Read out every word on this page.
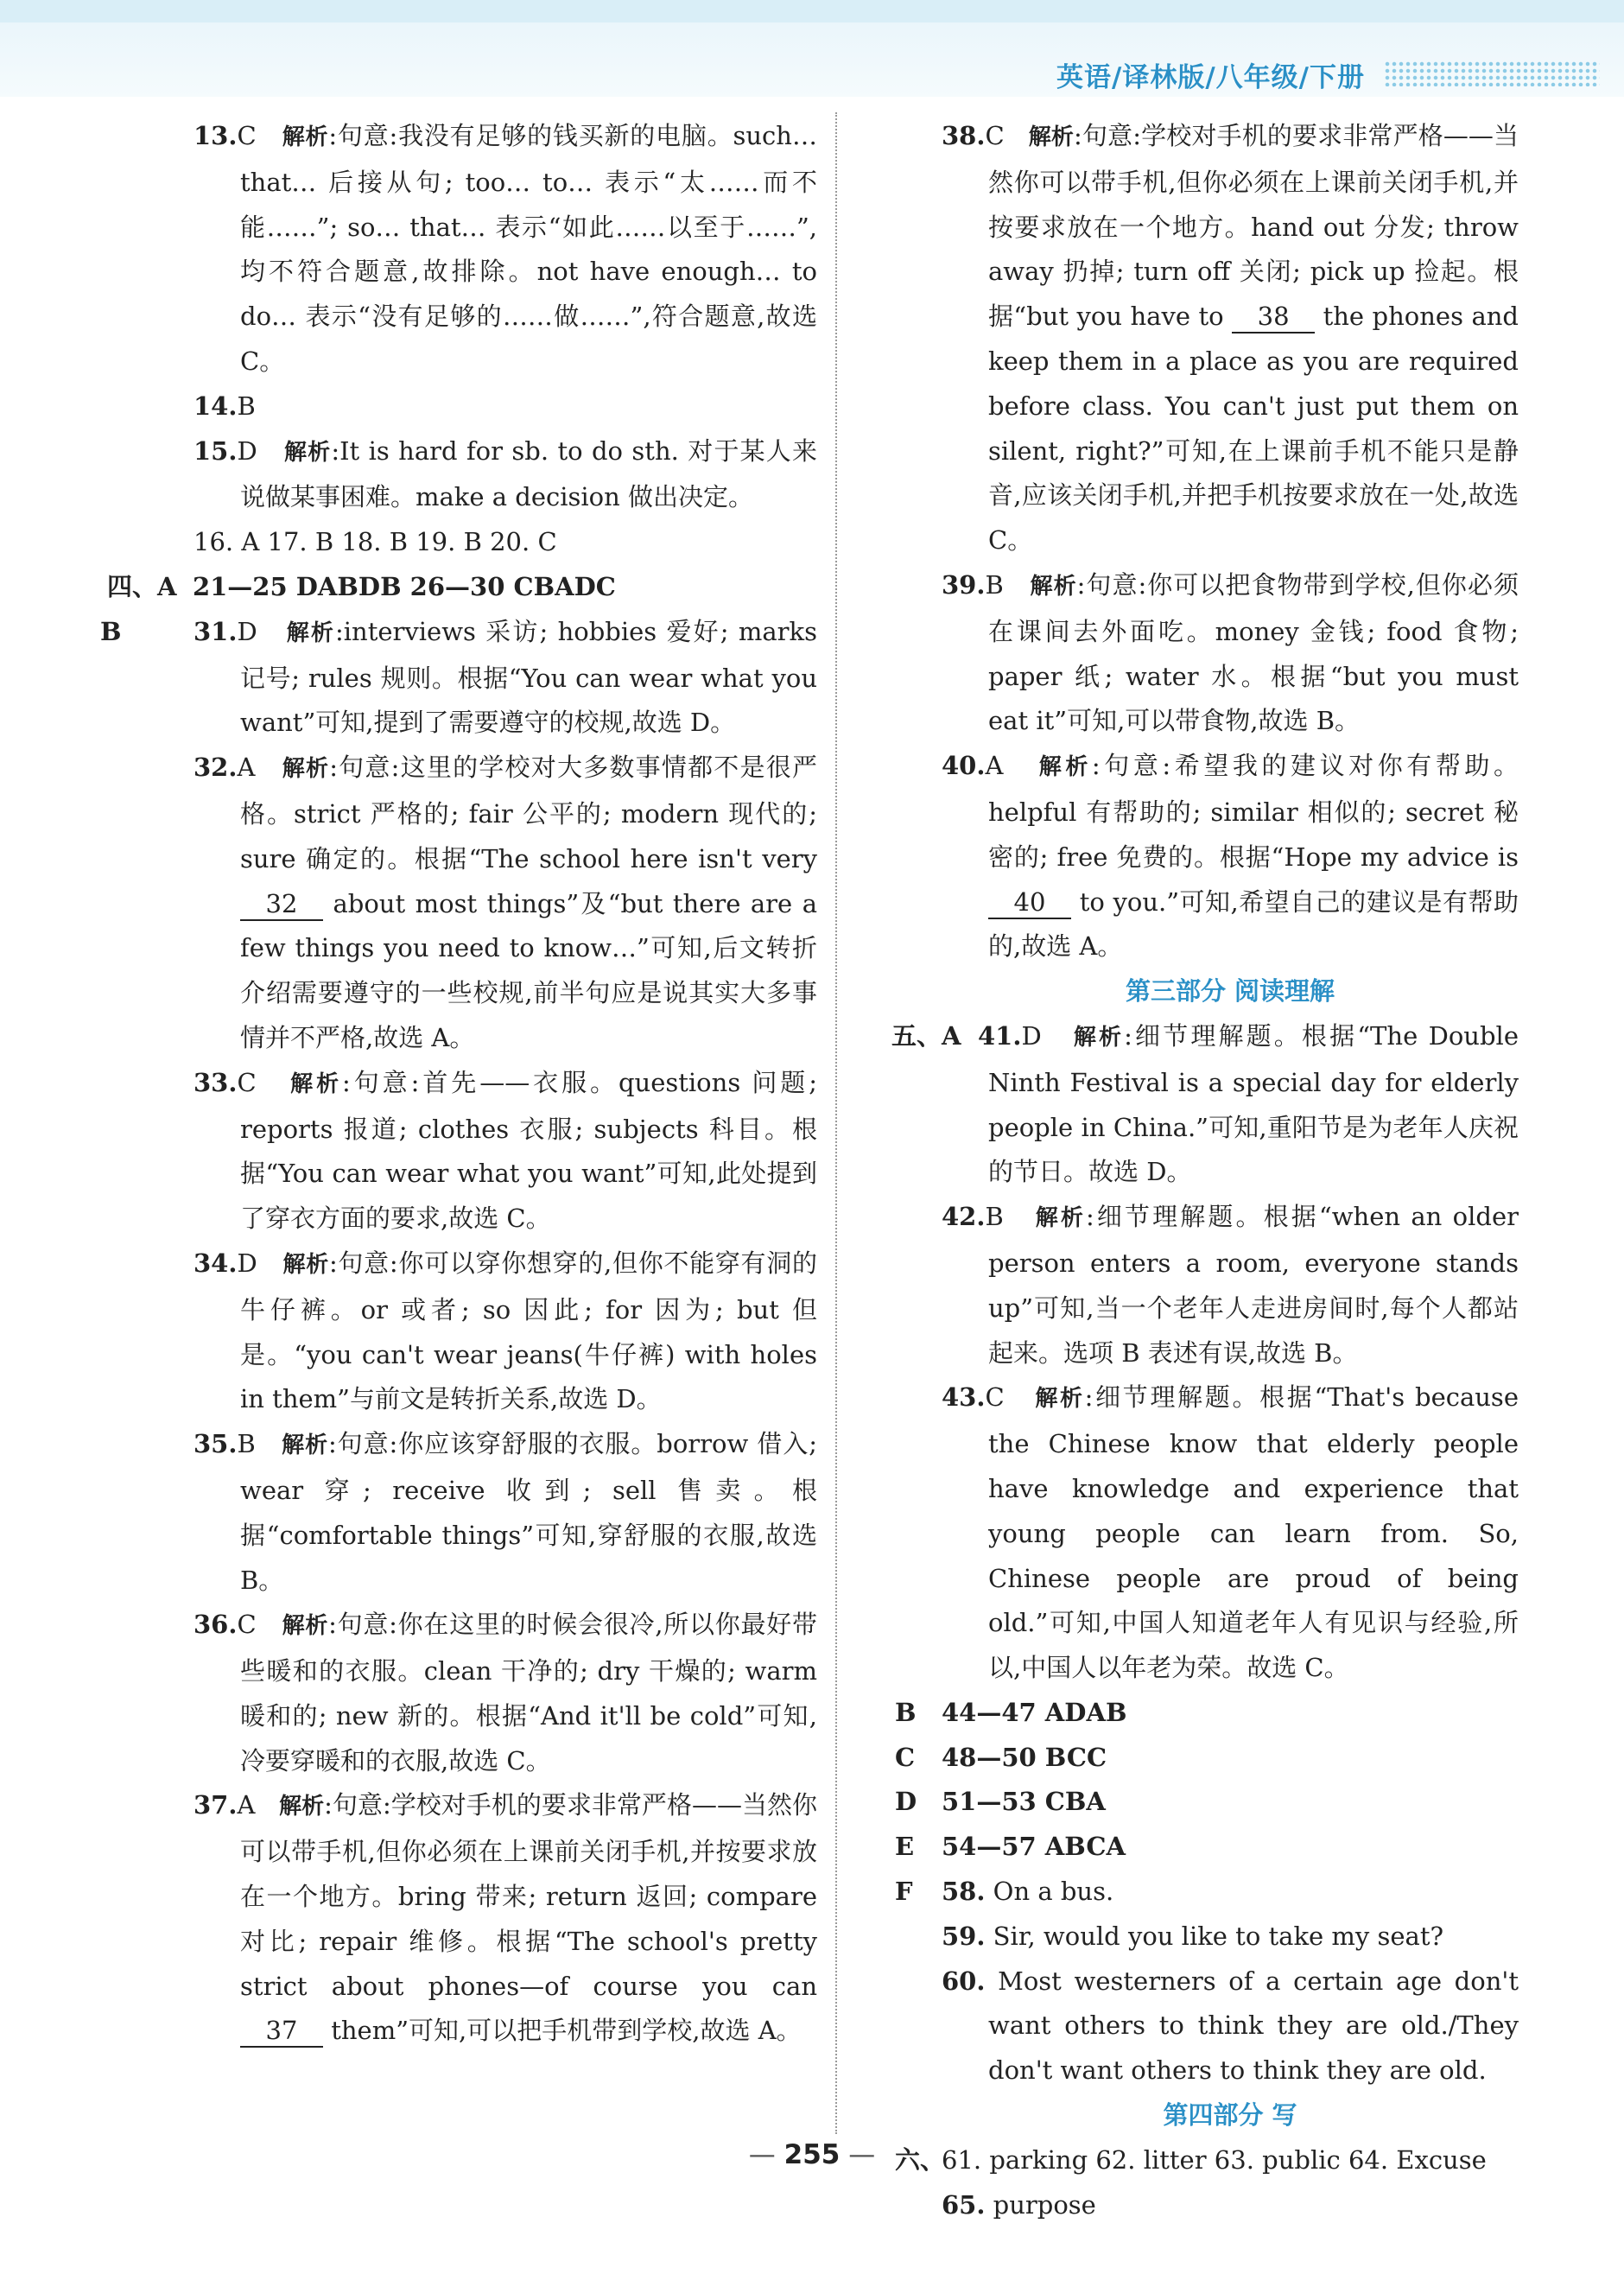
英语/译林版/八年级/下册

13.C 解析:句意:我没有足够的钱买新的电脑。such… that… 后接从句; too… to… 表示“太……而不能……”; so… that… 表示“如此……以至于……”,均不符合题意,故排除。not have enough… to do… 表示“没有足够的……做……”,符合题意,故选 C。

14.B

15.D 解析:It is hard for sb. to do sth. 对于某人来说做某事困难。make a decision 做出决定。

16. A 17. B 18. B 19. B 20. C

四、A 21—25 DABDB 26—30 CBADC

B	31.D 解析:interviews 采访; hobbies 爱好; marks 记号; rules 规则。根据“You can wear what you want”可知,提到了需要遵守的校规,故选 D。

32.A 解析:句意:这里的学校对大多数事情都不是很严格。strict 严格的; fair 公平的; modern 现代的; sure 确定的。根据“The school here isn't very 32 about most things”及“but there are a few things you need to know…”可知,后文转折介绍需要遵守的一些校规,前半句应是说其实大多事情并不严格,故选 A。

33.C 解析:句意:首先——衣服。questions 问题; reports 报道; clothes 衣服; subjects 科目。根据“You can wear what you want”可知,此处提到了穿衣方面的要求,故选 C。

34.D 解析:句意:你可以穿你想穿的,但你不能穿有洞的牛仔裤。or 或者; so 因此; for 因为; but 但是。“you can't wear jeans(牛仔裤) with holes in them”与前文是转折关系,故选 D。

35.B 解析:句意:你应该穿舒服的衣服。borrow 借入; wear 穿; receive 收到; sell 售卖。根据“comfortable things”可知,穿舒服的衣服,故选 B。

36.C 解析:句意:你在这里的时候会很冷,所以你最好带些暖和的衣服。clean 干净的; dry 干燥的; warm 暖和的; new 新的。根据“And it'll be cold”可知,冷要穿暖和的衣服,故选 C。

37.A 解析:句意:学校对手机的要求非常严格——当然你可以带手机,但你必须在上课前关闭手机,并按要求放在一个地方。bring 带来; return 返回; compare 对比; repair 维修。根据“The school's pretty strict about phones—of course you can 37 them”可知,可以把手机带到学校,故选 A。

38.C 解析:句意:学校对手机的要求非常严格——当然你可以带手机,但你必须在上课前关闭手机,并按要求放在一个地方。hand out 分发; throw away 扔掉; turn off 关闭; pick up 捡起。根据“but you have to 38 the phones and keep them in a place as you are required before class. You can't just put them on silent, right?”可知,在上课前手机不能只是静音,应该关闭手机,并把手机按要求放在一处,故选 C。

39.B 解析:句意:你可以把食物带到学校,但你必须在课间去外面吃。money 金钱; food 食物; paper 纸; water 水。根据“but you must eat it”可知,可以带食物,故选 B。

40.A 解析:句意:希望我的建议对你有帮助。helpful 有帮助的; similar 相似的; secret 秘密的; free 免费的。根据“Hope my advice is 40 to you.”可知,希望自己的建议是有帮助的,故选 A。

第三部分 阅读理解

五、A 41.D 解析:细节理解题。根据“The Double Ninth Festival is a special day for elderly people in China.”可知,重阳节是为老年人庆祝的节日。故选 D。

42.B 解析:细节理解题。根据“when an older person enters a room, everyone stands up”可知,当一个老年人走进房间时,每个人都站起来。选项 B 表述有误,故选 B。

43.C 解析:细节理解题。根据“That's because the Chinese know that elderly people have knowledge and experience that young people can learn from. So, Chinese people are proud of being old.”可知,中国人知道老年人有见识与经验,所以,中国人以年老为荣。故选 C。

B 44—47 ADAB

C 48—50 BCC

D 51—53 CBA

E 54—57 ABCA

F 58. On a bus.

59. Sir, would you like to take my seat?

60. Most westerners of a certain age don't want others to think they are old./They don't want others to think they are old.

第四部分 写

六、61. parking 62. litter 63. public 64. Excuse

65. purpose

— 255 —
